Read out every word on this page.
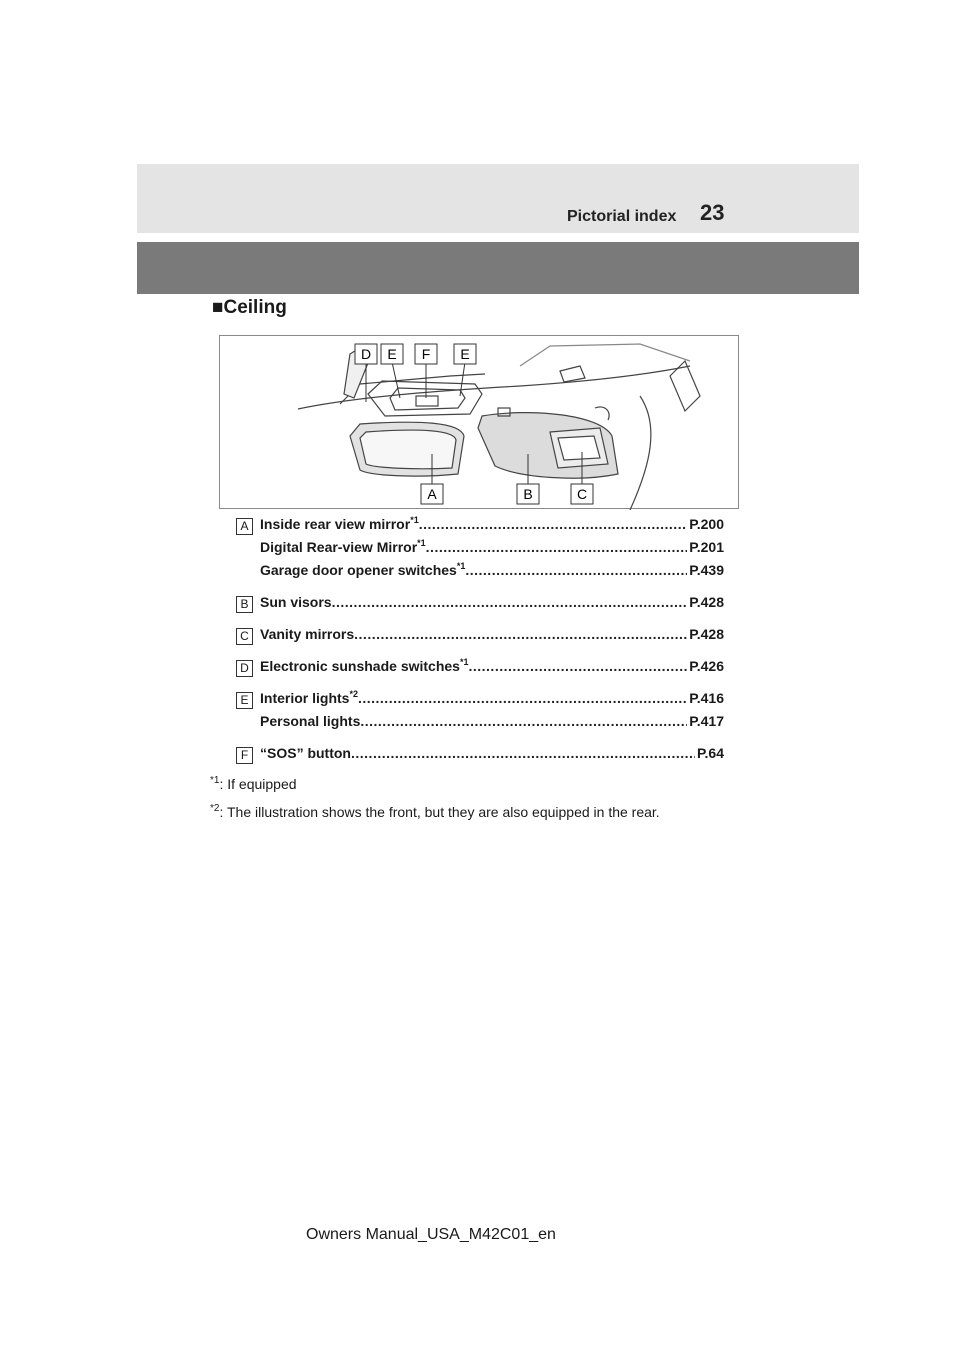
Pictorial index 23
■Ceiling
D E F E
A	B	C
A Inside rear view mirror$^{*1}$ .....	P.200
Digital Rear-view Mirror$^{*1}$ .....	P.201
Garage door opener switches$^{*1}$ .....	P.439
B Sun visors .....	P.428
C Vanity mirrors .....	P.428
D Electronic sunshade switches$^{*1}$ .....	P.426
E Interior lights$^{*2}$ .....	P.416
Personal lights .....	P.417
F “SOS” button .....	P.64
$^{*1}$: If equipped
$^{*2}$: The illustration shows the front, but they are also equipped in the rear.
Owners Manual_USA_M42C01_en
